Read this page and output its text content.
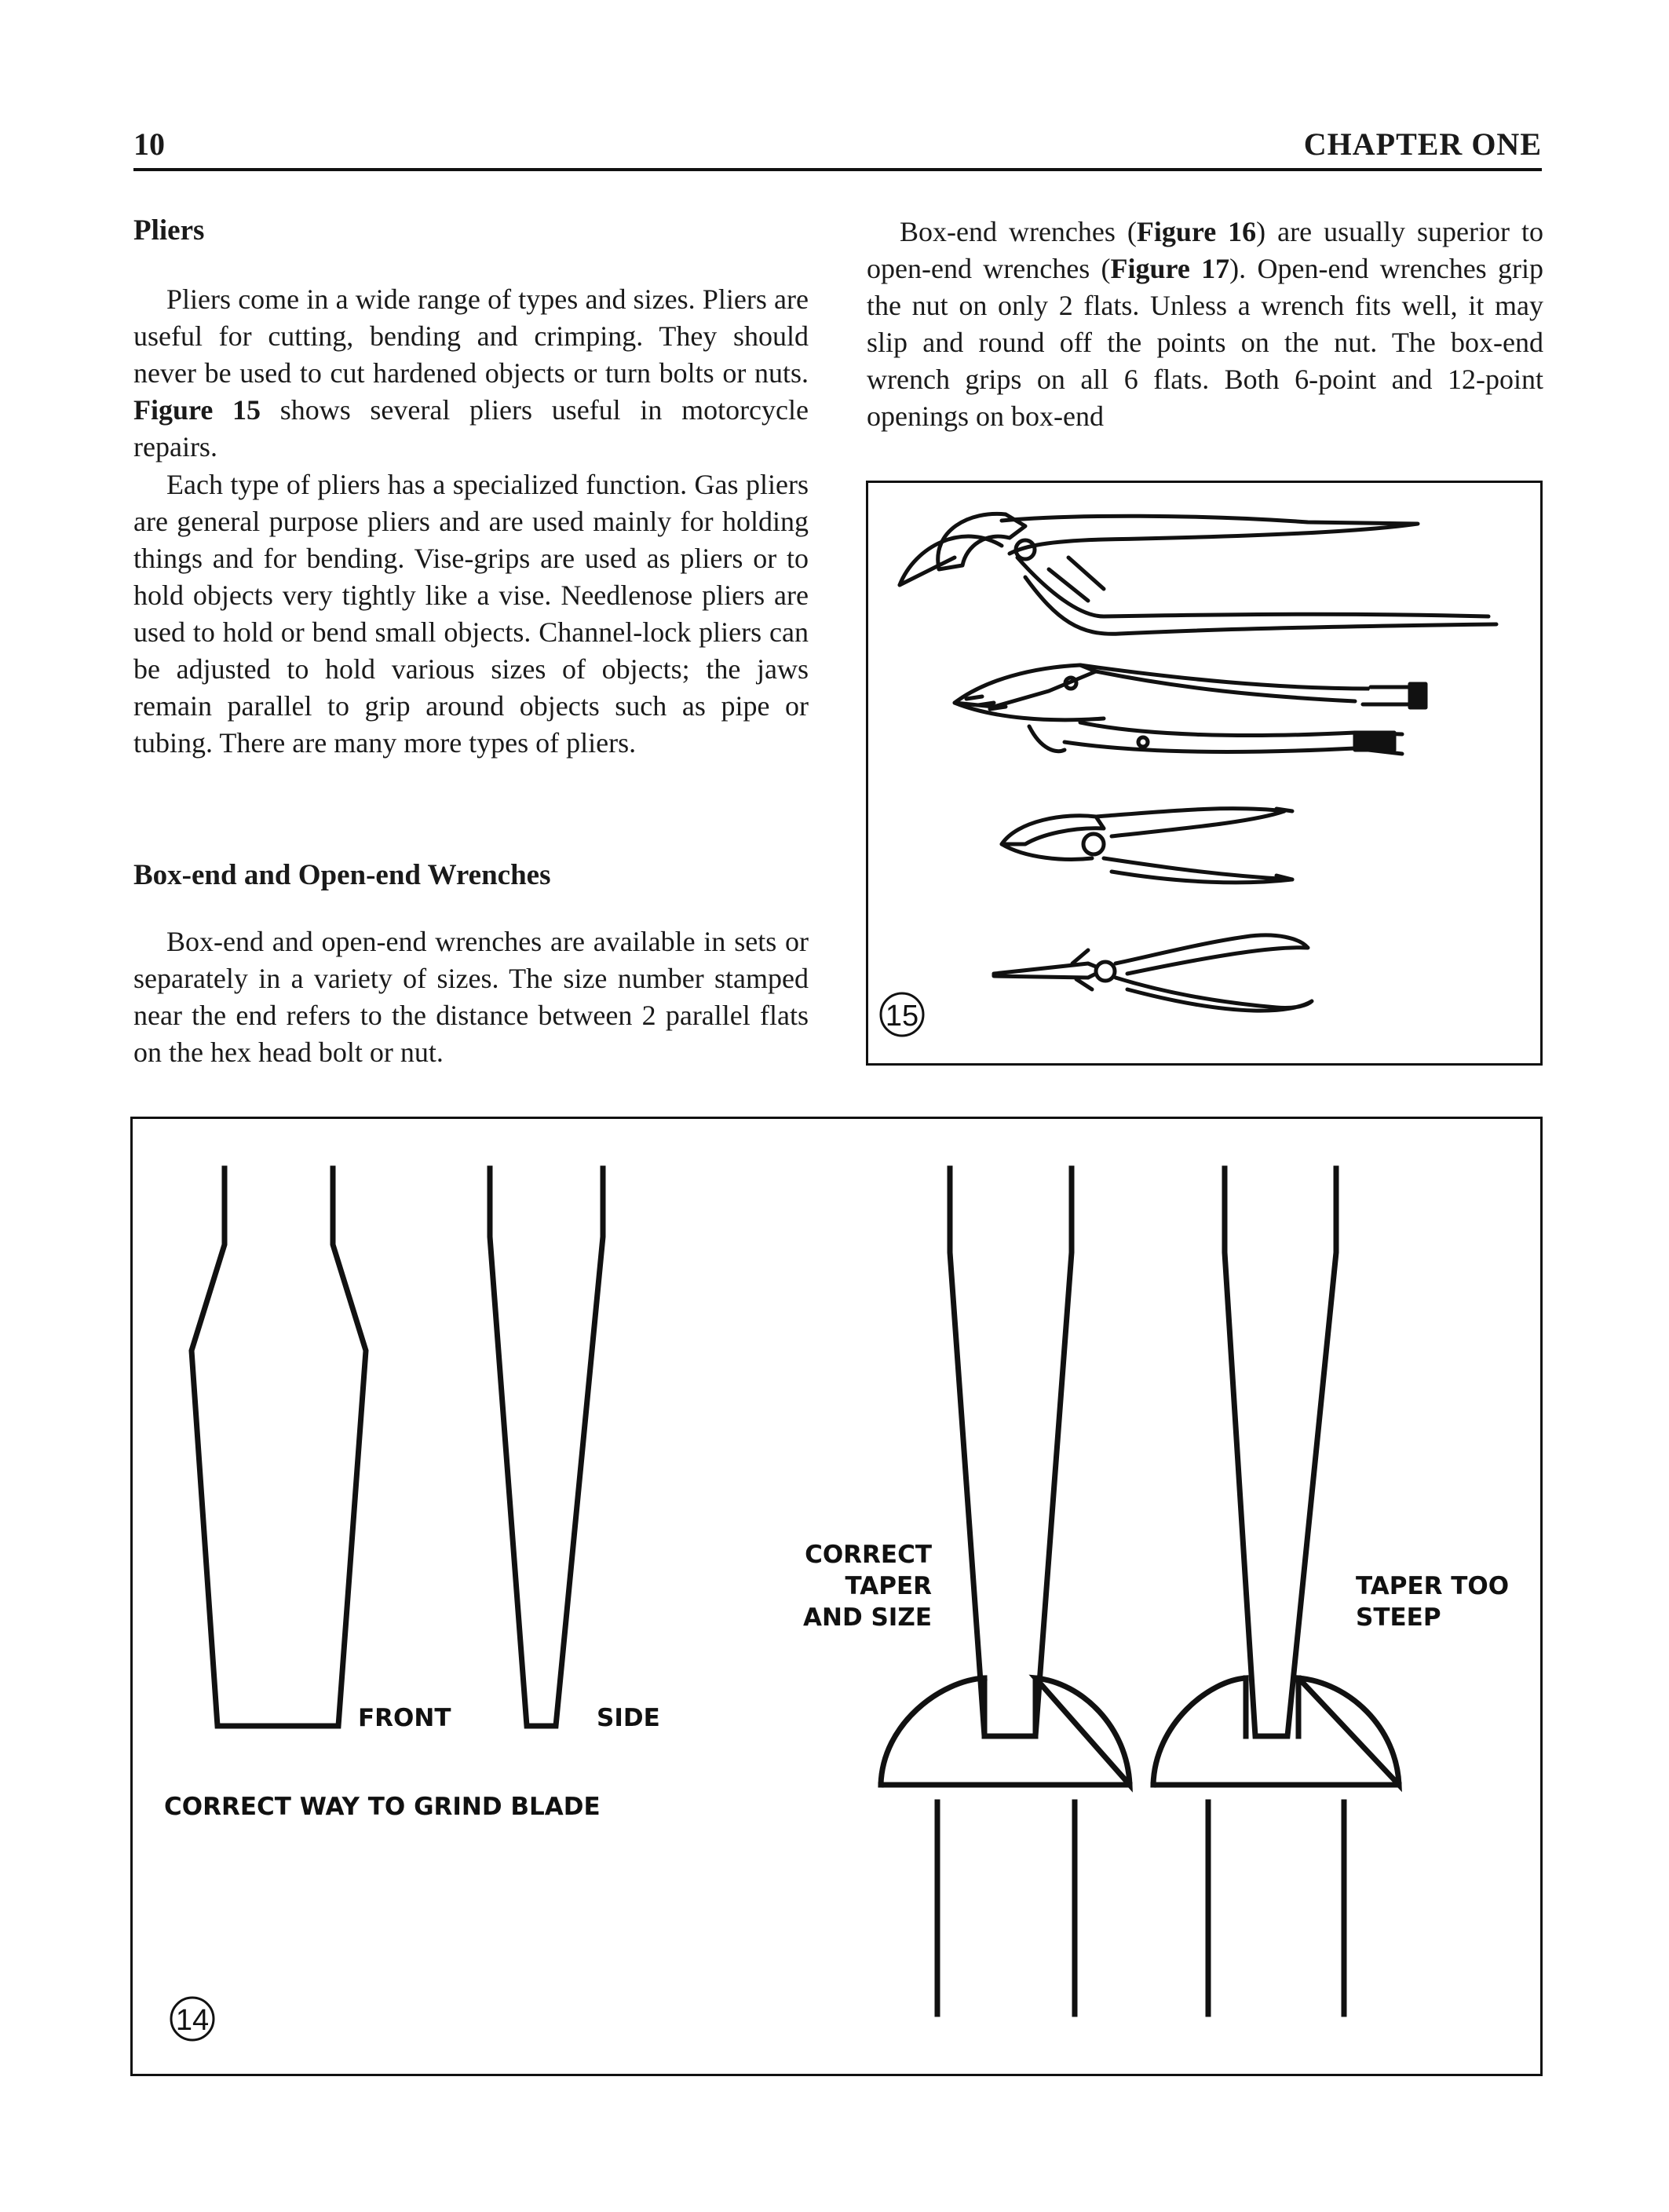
10	CHAPTER ONE
Pliers

Pliers come in a wide range of types and sizes. Pliers are useful for cutting, bending and crimping. They should never be used to cut hardened objects or turn bolts or nuts. Figure 15 shows several pliers useful in motorcycle repairs.

Each type of pliers has a specialized function. Gas pliers are general purpose pliers and are used mainly for holding things and for bending. Vise-grips are used as pliers or to hold objects very tightly like a vise. Needlenose pliers are used to hold or bend small objects. Channel-lock pliers can be adjusted to hold various sizes of objects; the jaws remain parallel to grip around objects such as pipe or tubing. There are many more types of pliers.

Box-end and Open-end Wrenches

Box-end and open-end wrenches are available in sets or separately in a variety of sizes. The size number stamped near the end refers to the distance between 2 parallel flats on the hex head bolt or nut.

Box-end wrenches (Figure 16) are usually superior to open-end wrenches (Figure 17). Open-end wrenches grip the nut on only 2 flats. Unless a wrench fits well, it may slip and round off the points on the nut. The box-end wrench grips on all 6 flats. Both 6-point and 12-point openings on box-end

15
FRONT	SIDE
CORRECT WAY TO GRIND BLADE
CORRECT
TAPER
AND SIZE
TAPER TOO
STEEP
14
